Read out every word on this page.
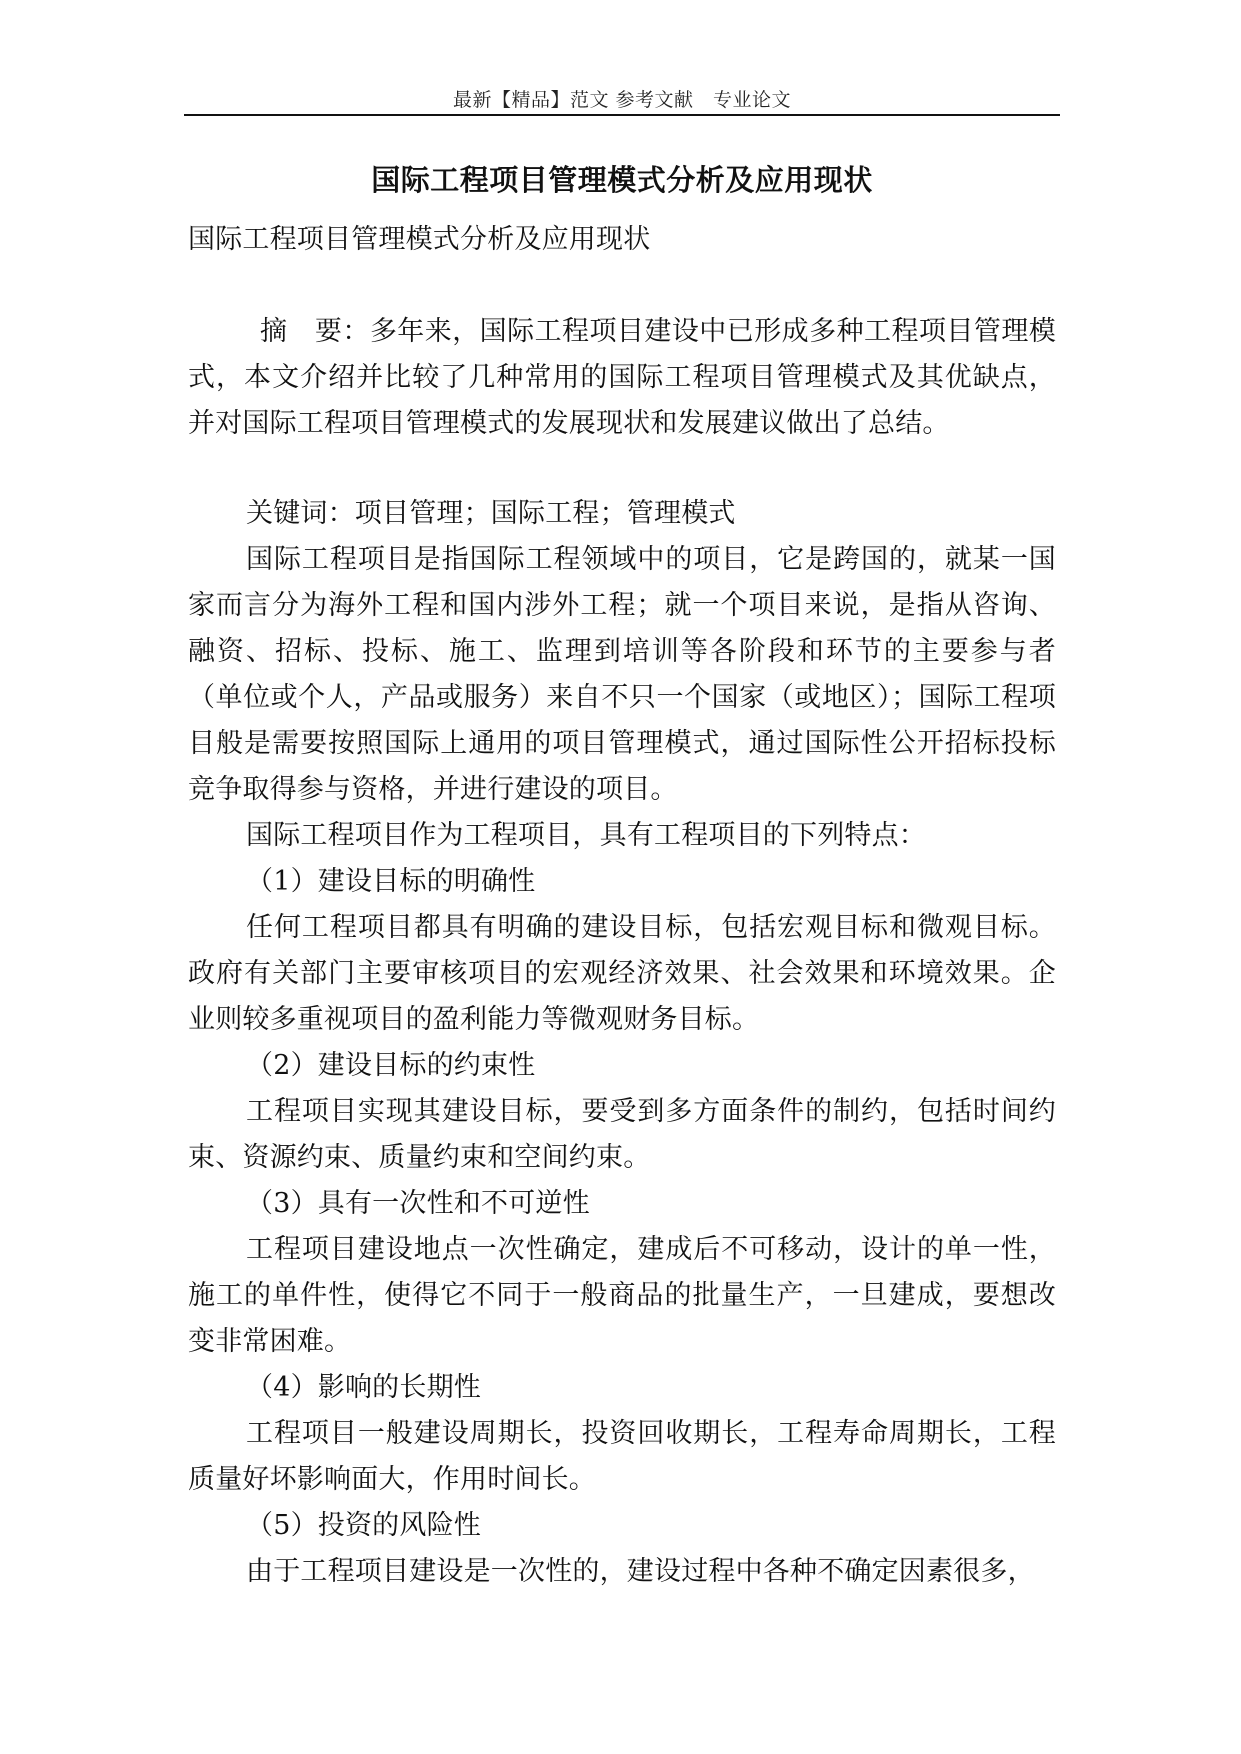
最新【精品】范文 参考文献　专业论文
国际工程项目管理模式分析及应用现状

国际工程项目管理模式分析及应用现状

摘　要：多年来，国际工程项目建设中已形成多种工程项目管理模式，本文介绍并比较了几种常用的国际工程项目管理模式及其优缺点，并对国际工程项目管理模式的发展现状和发展建议做出了总结。

关键词：项目管理；国际工程；管理模式

国际工程项目是指国际工程领域中的项目，它是跨国的，就某一国家而言分为海外工程和国内涉外工程；就一个项目来说，是指从咨询、融资、招标、投标、施工、监理到培训等各阶段和环节的主要参与者（单位或个人，产品或服务）来自不只一个国家（或地区）；国际工程项目般是需要按照国际上通用的项目管理模式，通过国际性公开招标投标竞争取得参与资格，并进行建设的项目。

国际工程项目作为工程项目，具有工程项目的下列特点：

（1）建设目标的明确性

任何工程项目都具有明确的建设目标，包括宏观目标和微观目标。政府有关部门主要审核项目的宏观经济效果、社会效果和环境效果。企业则较多重视项目的盈利能力等微观财务目标。

（2）建设目标的约束性

工程项目实现其建设目标，要受到多方面条件的制约，包括时间约束、资源约束、质量约束和空间约束。

（3）具有一次性和不可逆性

工程项目建设地点一次性确定，建成后不可移动，设计的单一性，施工的单件性，使得它不同于一般商品的批量生产，一旦建成，要想改变非常困难。

（4）影响的长期性

工程项目一般建设周期长，投资回收期长，工程寿命周期长，工程质量好坏影响面大，作用时间长。

（5）投资的风险性

由于工程项目建设是一次性的，建设过程中各种不确定因素很多，
